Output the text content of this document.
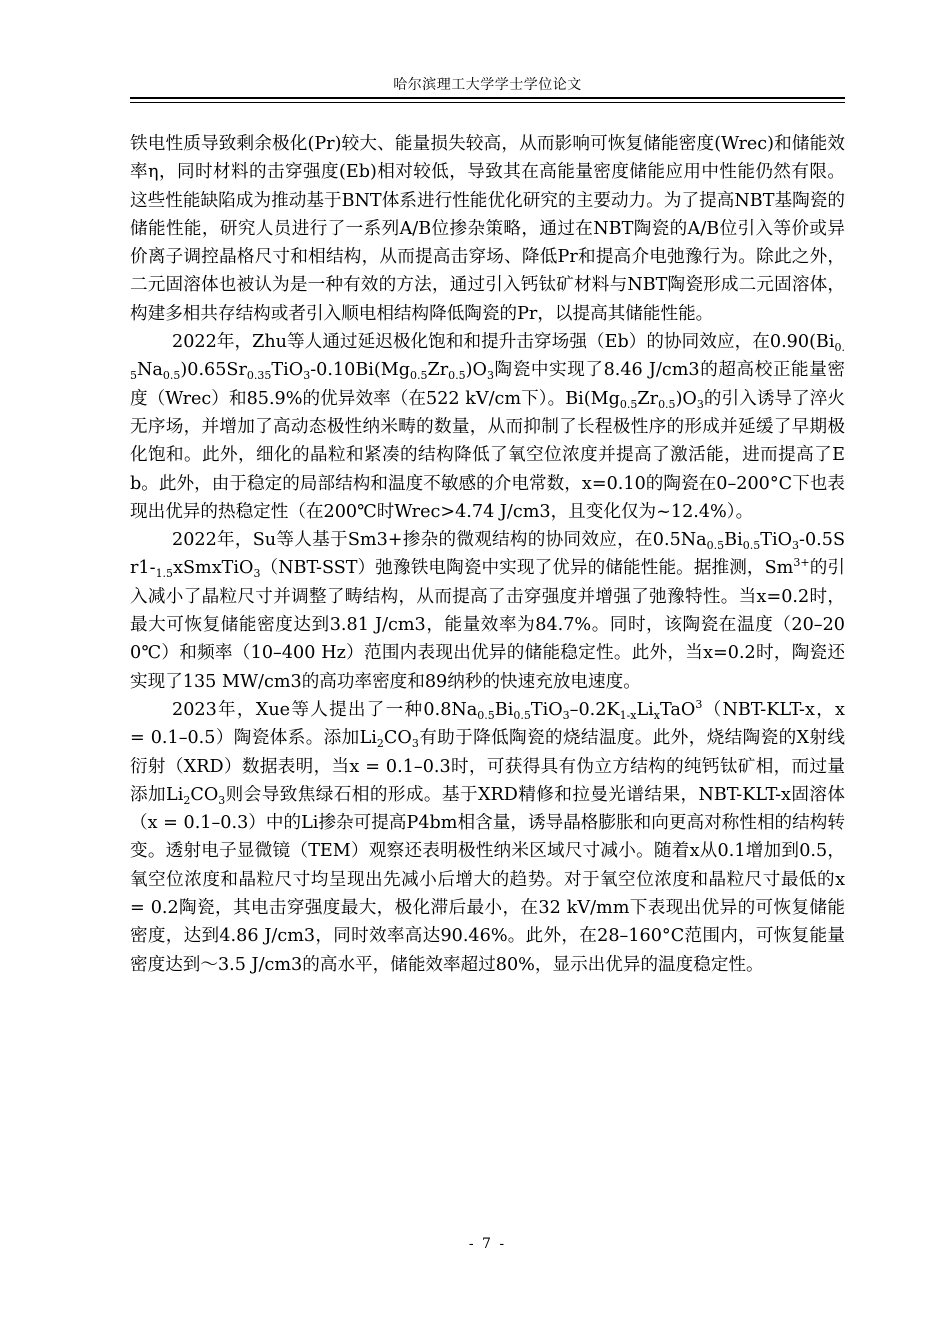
哈尔滨理工大学学士学位论文

铁电性质导致剩余极化(Pr)较大、能量损失较高，从而影响可恢复储能密度(Wrec)和储能效率η，同时材料的击穿强度(Eb)相对较低，导致其在高能量密度储能应用中性能仍然有限。这些性能缺陷成为推动基于BNT体系进行性能优化研究的主要动力。为了提高NBT基陶瓷的储能性能，研究人员进行了一系列A/B位掺杂策略，通过在NBT陶瓷的A/B位引入等价或异价离子调控晶格尺寸和相结构，从而提高击穿场、降低Pr和提高介电弛豫行为。除此之外，二元固溶体也被认为是一种有效的方法，通过引入钙钛矿材料与NBT陶瓷形成二元固溶体，构建多相共存结构或者引入顺电相结构降低陶瓷的Pr，以提高其储能性能。

2022年，Zhu等人通过延迟极化饱和和提升击穿场强（Eb）的协同效应，在$0.90(Bi_{0.5}Na_{0.5})0.65Sr_{0.35}TiO_3-0.10Bi(Mg_{0.5}Zr_{0.5})O_3$陶瓷中实现了8.46 J/cm3的超高校正能量密度（Wrec）和85.9%的优异效率（在522 kV/cm下）。$Bi(Mg_{0.5}Zr_{0.5})O_3$的引入诱导了淬火无序场，并增加了高动态极性纳米畴的数量，从而抑制了长程极性序的形成并延缓了早期极化饱和。此外，细化的晶粒和紧凑的结构降低了氧空位浓度并提高了激活能，进而提高了Eb。此外，由于稳定的局部结构和温度不敏感的介电常数，x=0.10的陶瓷在0–200°C下也表现出优异的热稳定性（在200℃时Wrec>4.74 J/cm3，且变化仅为~12.4%）。

2022年，Su等人基于Sm3+掺杂的微观结构的协同效应，在$0.5Na_{0.5}Bi_{0.5}TiO_3-0.5Sr1-_{1.5}xSmxTiO_3(NBT-SST)$弛豫铁电陶瓷中实现了优异的储能性能。据推测，$Sm^{3+}$的引入减小了晶粒尺寸并调整了畴结构，从而提高了击穿强度并增强了弛豫特性。当x=0.2时，最大可恢复储能密度达到3.81 J/cm3，能量效率为84.7%。同时，该陶瓷在温度（20–200℃）和频率（10–400 Hz）范围内表现出优异的储能稳定性。此外，当x=0.2时，陶瓷还实现了135 MW/cm3的高功率密度和89纳秒的快速充放电速度。

2023年，Xue等人提出了一种$0.8Na_{0.5}Bi_{0.5}TiO_3-0.2K_{1-x}Li_xTaO^3(NBT-KLT-x$，x = 0.1–0.5）陶瓷体系。添加$Li_2CO_3$有助于降低陶瓷的烧结温度。此外，烧结陶瓷的X射线衍射（XRD）数据表明，当x = 0.1–0.3时，可获得具有伪立方结构的纯钙钛矿相，而过量添加$Li_2CO_3$则会导致焦绿石相的形成。基于XRD精修和拉曼光谱结果，NBT-KLT-x固溶体（x = 0.1–0.3）中的Li掺杂可提高P4bm相含量，诱导晶格膨胀和向更高对称性相的结构转变。透射电子显微镜（TEM）观察还表明极性纳米区域尺寸减小。随着x从0.1增加到0.5，氧空位浓度和晶粒尺寸均呈现出先减小后增大的趋势。对于氧空位浓度和晶粒尺寸最低的x = 0.2陶瓷，其电击穿强度最大，极化滞后最小，在32 kV/mm下表现出优异的可恢复储能密度，达到4.86 J/cm3，同时效率高达90.46%。此外，在28–160°C范围内，可恢复能量密度达到～3.5 J/cm3的高水平，储能效率超过80%，显示出优异的温度稳定性。

- 7 -
